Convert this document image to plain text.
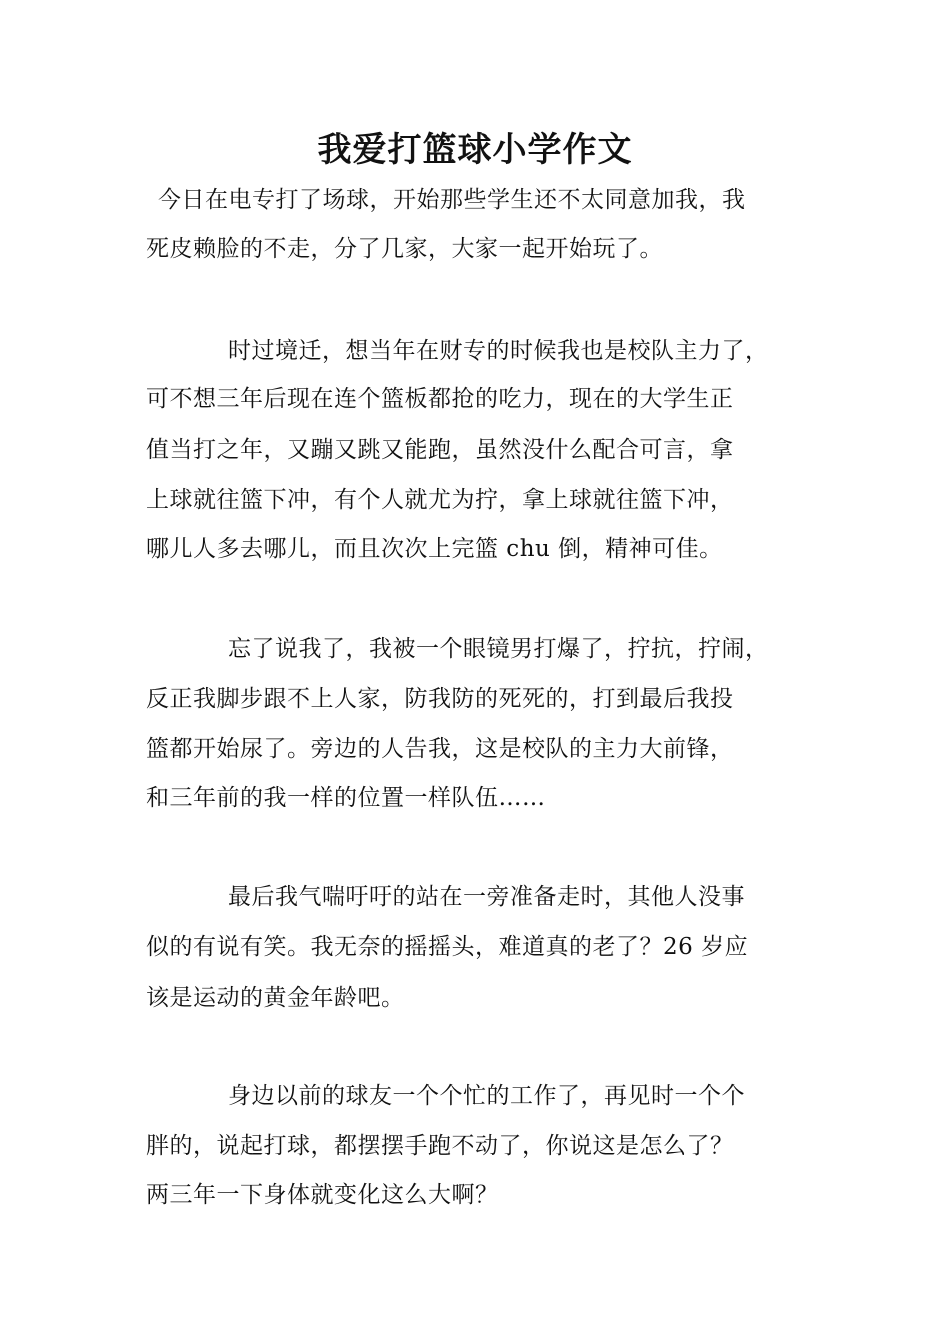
我爱打篮球小学作文
今日在电专打了场球，开始那些学生还不太同意加我，我
死皮赖脸的不走，分了几家，大家一起开始玩了。
时过境迁，想当年在财专的时候我也是校队主力了，
可不想三年后现在连个篮板都抢的吃力，现在的大学生正
值当打之年，又蹦又跳又能跑，虽然没什么配合可言，拿
上球就往篮下冲，有个人就尤为拧，拿上球就往篮下冲，
哪儿人多去哪儿，而且次次上完篮 chu 倒，精神可佳。
忘了说我了，我被一个眼镜男打爆了，拧抗，拧闹，
反正我脚步跟不上人家，防我防的死死的，打到最后我投
篮都开始尿了。旁边的人告我，这是校队的主力大前锋，
和三年前的我一样的位置一样队伍……
最后我气喘吁吁的站在一旁准备走时，其他人没事
似的有说有笑。我无奈的摇摇头，难道真的老了？26 岁应
该是运动的黄金年龄吧。
身边以前的球友一个个忙的工作了，再见时一个个
胖的，说起打球，都摆摆手跑不动了，你说这是怎么了？
两三年一下身体就变化这么大啊？
